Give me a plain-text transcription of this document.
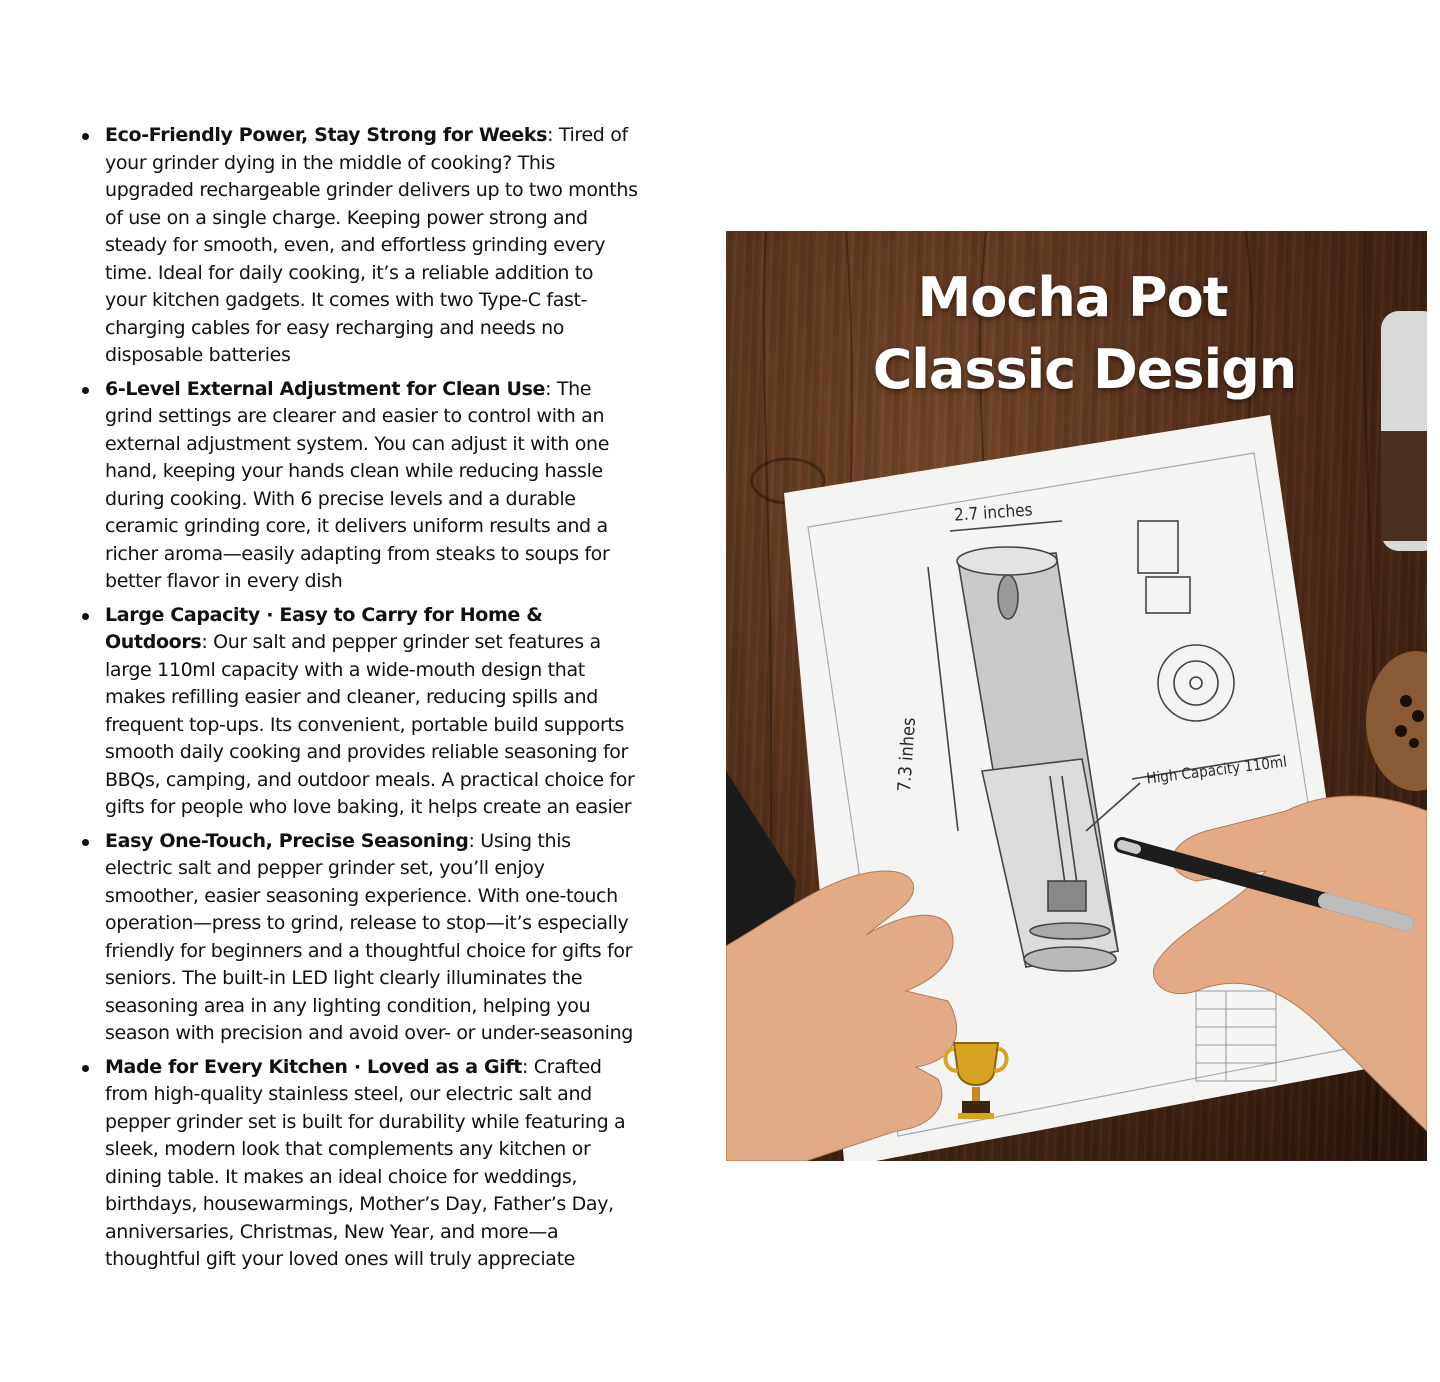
Eco-Friendly Power, Stay Strong for Weeks: Tired of your grinder dying in the middle of cooking? This upgraded rechargeable grinder delivers up to two months of use on a single charge. Keeping power strong and steady for smooth, even, and effortless grinding every time. Ideal for daily cooking, it’s a reliable addition to your kitchen gadgets. It comes with two Type-C fast-charging cables for easy recharging and needs no disposable batteries
6-Level External Adjustment for Clean Use: The grind settings are clearer and easier to control with an external adjustment system. You can adjust it with one hand, keeping your hands clean while reducing hassle during cooking. With 6 precise levels and a durable ceramic grinding core, it delivers uniform results and a richer aroma—easily adapting from steaks to soups for better flavor in every dish
Large Capacity · Easy to Carry for Home & Outdoors: Our salt and pepper grinder set features a large 110ml capacity with a wide-mouth design that makes refilling easier and cleaner, reducing spills and frequent top-ups. Its convenient, portable build supports smooth daily cooking and provides reliable seasoning for BBQs, camping, and outdoor meals. A practical choice for gifts for people who love baking, it helps create an easier
Easy One-Touch, Precise Seasoning: Using this electric salt and pepper grinder set, you’ll enjoy smoother, easier seasoning experience. With one-touch operation—press to grind, release to stop—it’s especially friendly for beginners and a thoughtful choice for gifts for seniors. The built-in LED light clearly illuminates the seasoning area in any lighting condition, helping you season with precision and avoid over- or under-seasoning
Made for Every Kitchen · Loved as a Gift: Crafted from high-quality stainless steel, our electric salt and pepper grinder set is built for durability while featuring a sleek, modern look that complements any kitchen or dining table. It makes an ideal choice for weddings, birthdays, housewarmings, Mother’s Day, Father’s Day, anniversaries, Christmas, New Year, and more—a thoughtful gift your loved ones will truly appreciate
Mocha Pot
Classic Design
2.7 inches
7.3 inhes	High Capacity 110ml
